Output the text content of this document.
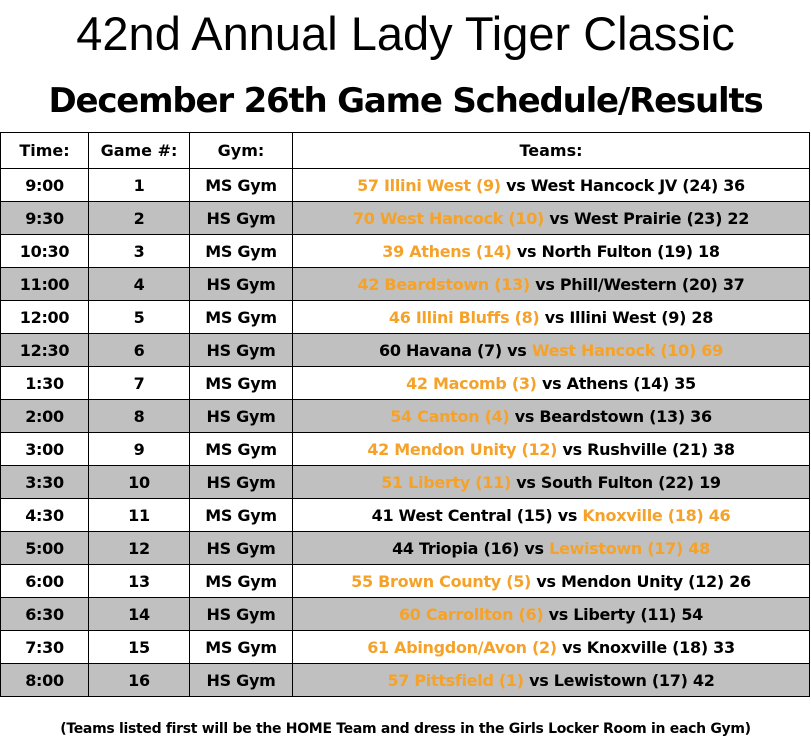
42nd Annual Lady Tiger Classic
December 26th Game Schedule/Results
Time:	Game #:	Gym:	Teams:
9:00	1	MS Gym	57 Illini West (9) vs West Hancock JV (24) 36
9:30	2	HS Gym	70 West Hancock (10) vs West Prairie (23) 22
10:30	3	MS Gym	39 Athens (14) vs North Fulton (19) 18
11:00	4	HS Gym	42 Beardstown (13) vs Phill/Western (20) 37
12:00	5	MS Gym	46 Illini Bluffs (8) vs Illini West (9) 28
12:30	6	HS Gym	60 Havana (7) vs West Hancock (10) 69
1:30	7	MS Gym	42 Macomb (3) vs Athens (14) 35
2:00	8	HS Gym	54 Canton (4) vs Beardstown (13) 36
3:00	9	MS Gym	42 Mendon Unity (12) vs Rushville (21) 38
3:30	10	HS Gym	51 Liberty (11) vs South Fulton (22) 19
4:30	11	MS Gym	41 West Central (15) vs Knoxville (18) 46
5:00	12	HS Gym	44 Triopia (16) vs Lewistown (17) 48
6:00	13	MS Gym	55 Brown County (5) vs Mendon Unity (12) 26
6:30	14	HS Gym	60 Carrollton (6) vs Liberty (11) 54
7:30	15	MS Gym	61 Abingdon/Avon (2) vs Knoxville (18) 33
8:00	16	HS Gym	57 Pittsfield (1) vs Lewistown (17) 42
(Teams listed first will be the HOME Team and dress in the Girls Locker Room in each Gym)
